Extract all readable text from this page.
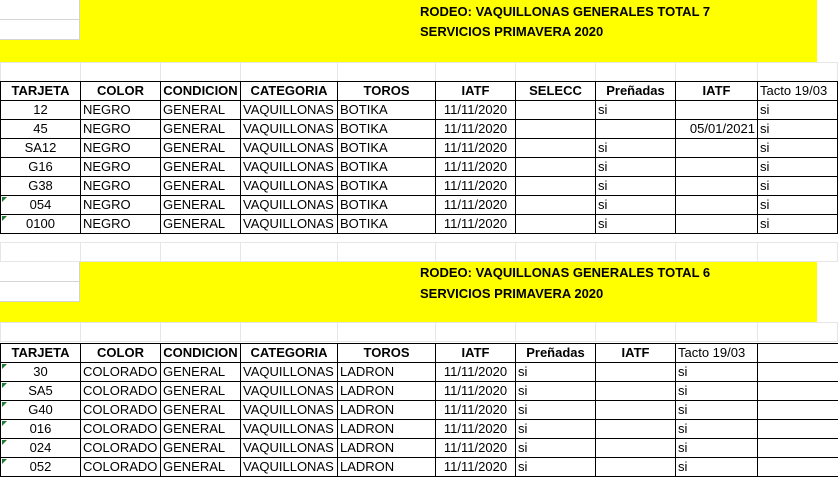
RODEO: VAQUILLONAS GENERALES TOTAL 7
SERVICIOS PRIMAVERA 2020

TARJETA	COLOR	CONDICION	CATEGORIA	TOROS	IATF	SELECC	Preñadas	IATF	Tacto 19/03
12	NEGRO	GENERAL	VAQUILLONAS	BOTIKA	11/11/2020		si		si
45	NEGRO	GENERAL	VAQUILLONAS	BOTIKA	11/11/2020			05/01/2021	si
SA12	NEGRO	GENERAL	VAQUILLONAS	BOTIKA	11/11/2020		si		si
G16	NEGRO	GENERAL	VAQUILLONAS	BOTIKA	11/11/2020		si		si
G38	NEGRO	GENERAL	VAQUILLONAS	BOTIKA	11/11/2020		si		si
054	NEGRO	GENERAL	VAQUILLONAS	BOTIKA	11/11/2020		si		si
0100	NEGRO	GENERAL	VAQUILLONAS	BOTIKA	11/11/2020		si		si

RODEO: VAQUILLONAS GENERALES TOTAL 6
SERVICIOS PRIMAVERA 2020

TARJETA	COLOR	CONDICION	CATEGORIA	TOROS	IATF	Preñadas	IATF	Tacto 19/03	
30	COLORADO	GENERAL	VAQUILLONAS	LADRON	11/11/2020	si		si	
SA5	COLORADO	GENERAL	VAQUILLONAS	LADRON	11/11/2020	si		si	
G40	COLORADO	GENERAL	VAQUILLONAS	LADRON	11/11/2020	si		si	
016	COLORADO	GENERAL	VAQUILLONAS	LADRON	11/11/2020	si		si	
024	COLORADO	GENERAL	VAQUILLONAS	LADRON	11/11/2020	si		si	
052	COLORADO	GENERAL	VAQUILLONAS	LADRON	11/11/2020	si		si	
